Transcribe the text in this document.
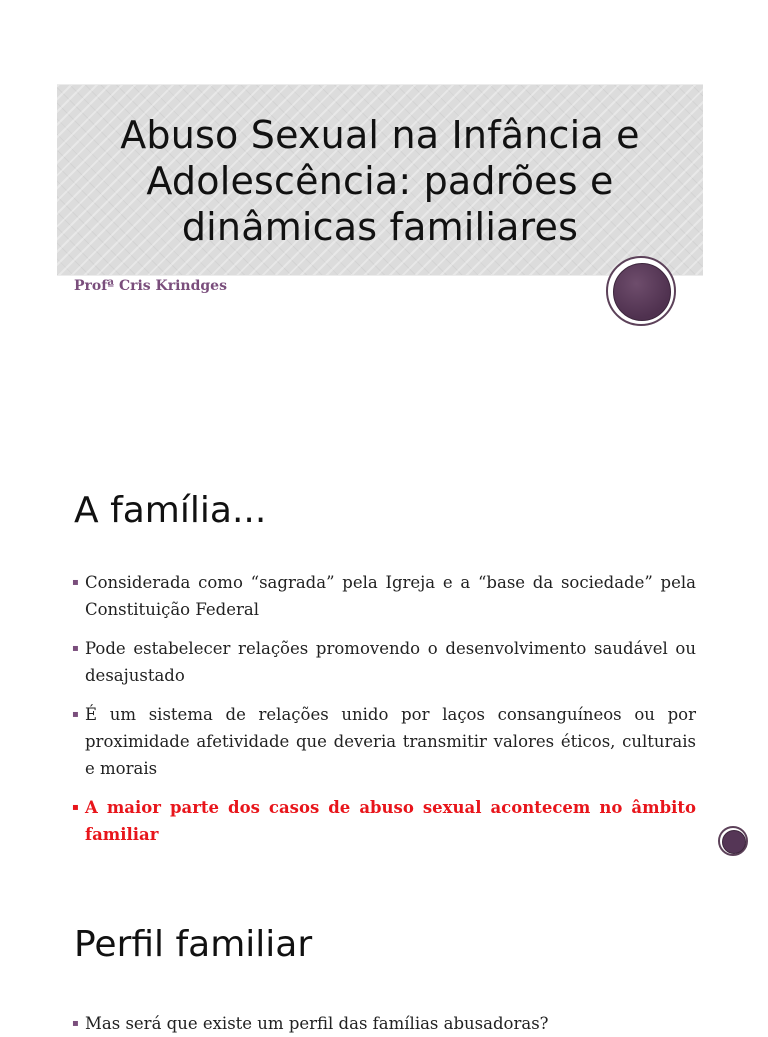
Abuso Sexual na Infância e
Adolescência: padrões e
dinâmicas familiares

Profª Cris Krindges

A família...
▪ Considerada como “sagrada” pela Igreja e a “base da sociedade” pela Constituição Federal
▪ Pode estabelecer relações promovendo o desenvolvimento saudável ou desajustado
▪ É um sistema de relações unido por laços consanguíneos ou por proximidade afetividade que deveria transmitir valores éticos, culturais e morais
▪ A maior parte dos casos de abuso sexual acontecem no âmbito familiar
Perfil familiar
▪ Mas será que existe um perfil das famílias abusadoras?
